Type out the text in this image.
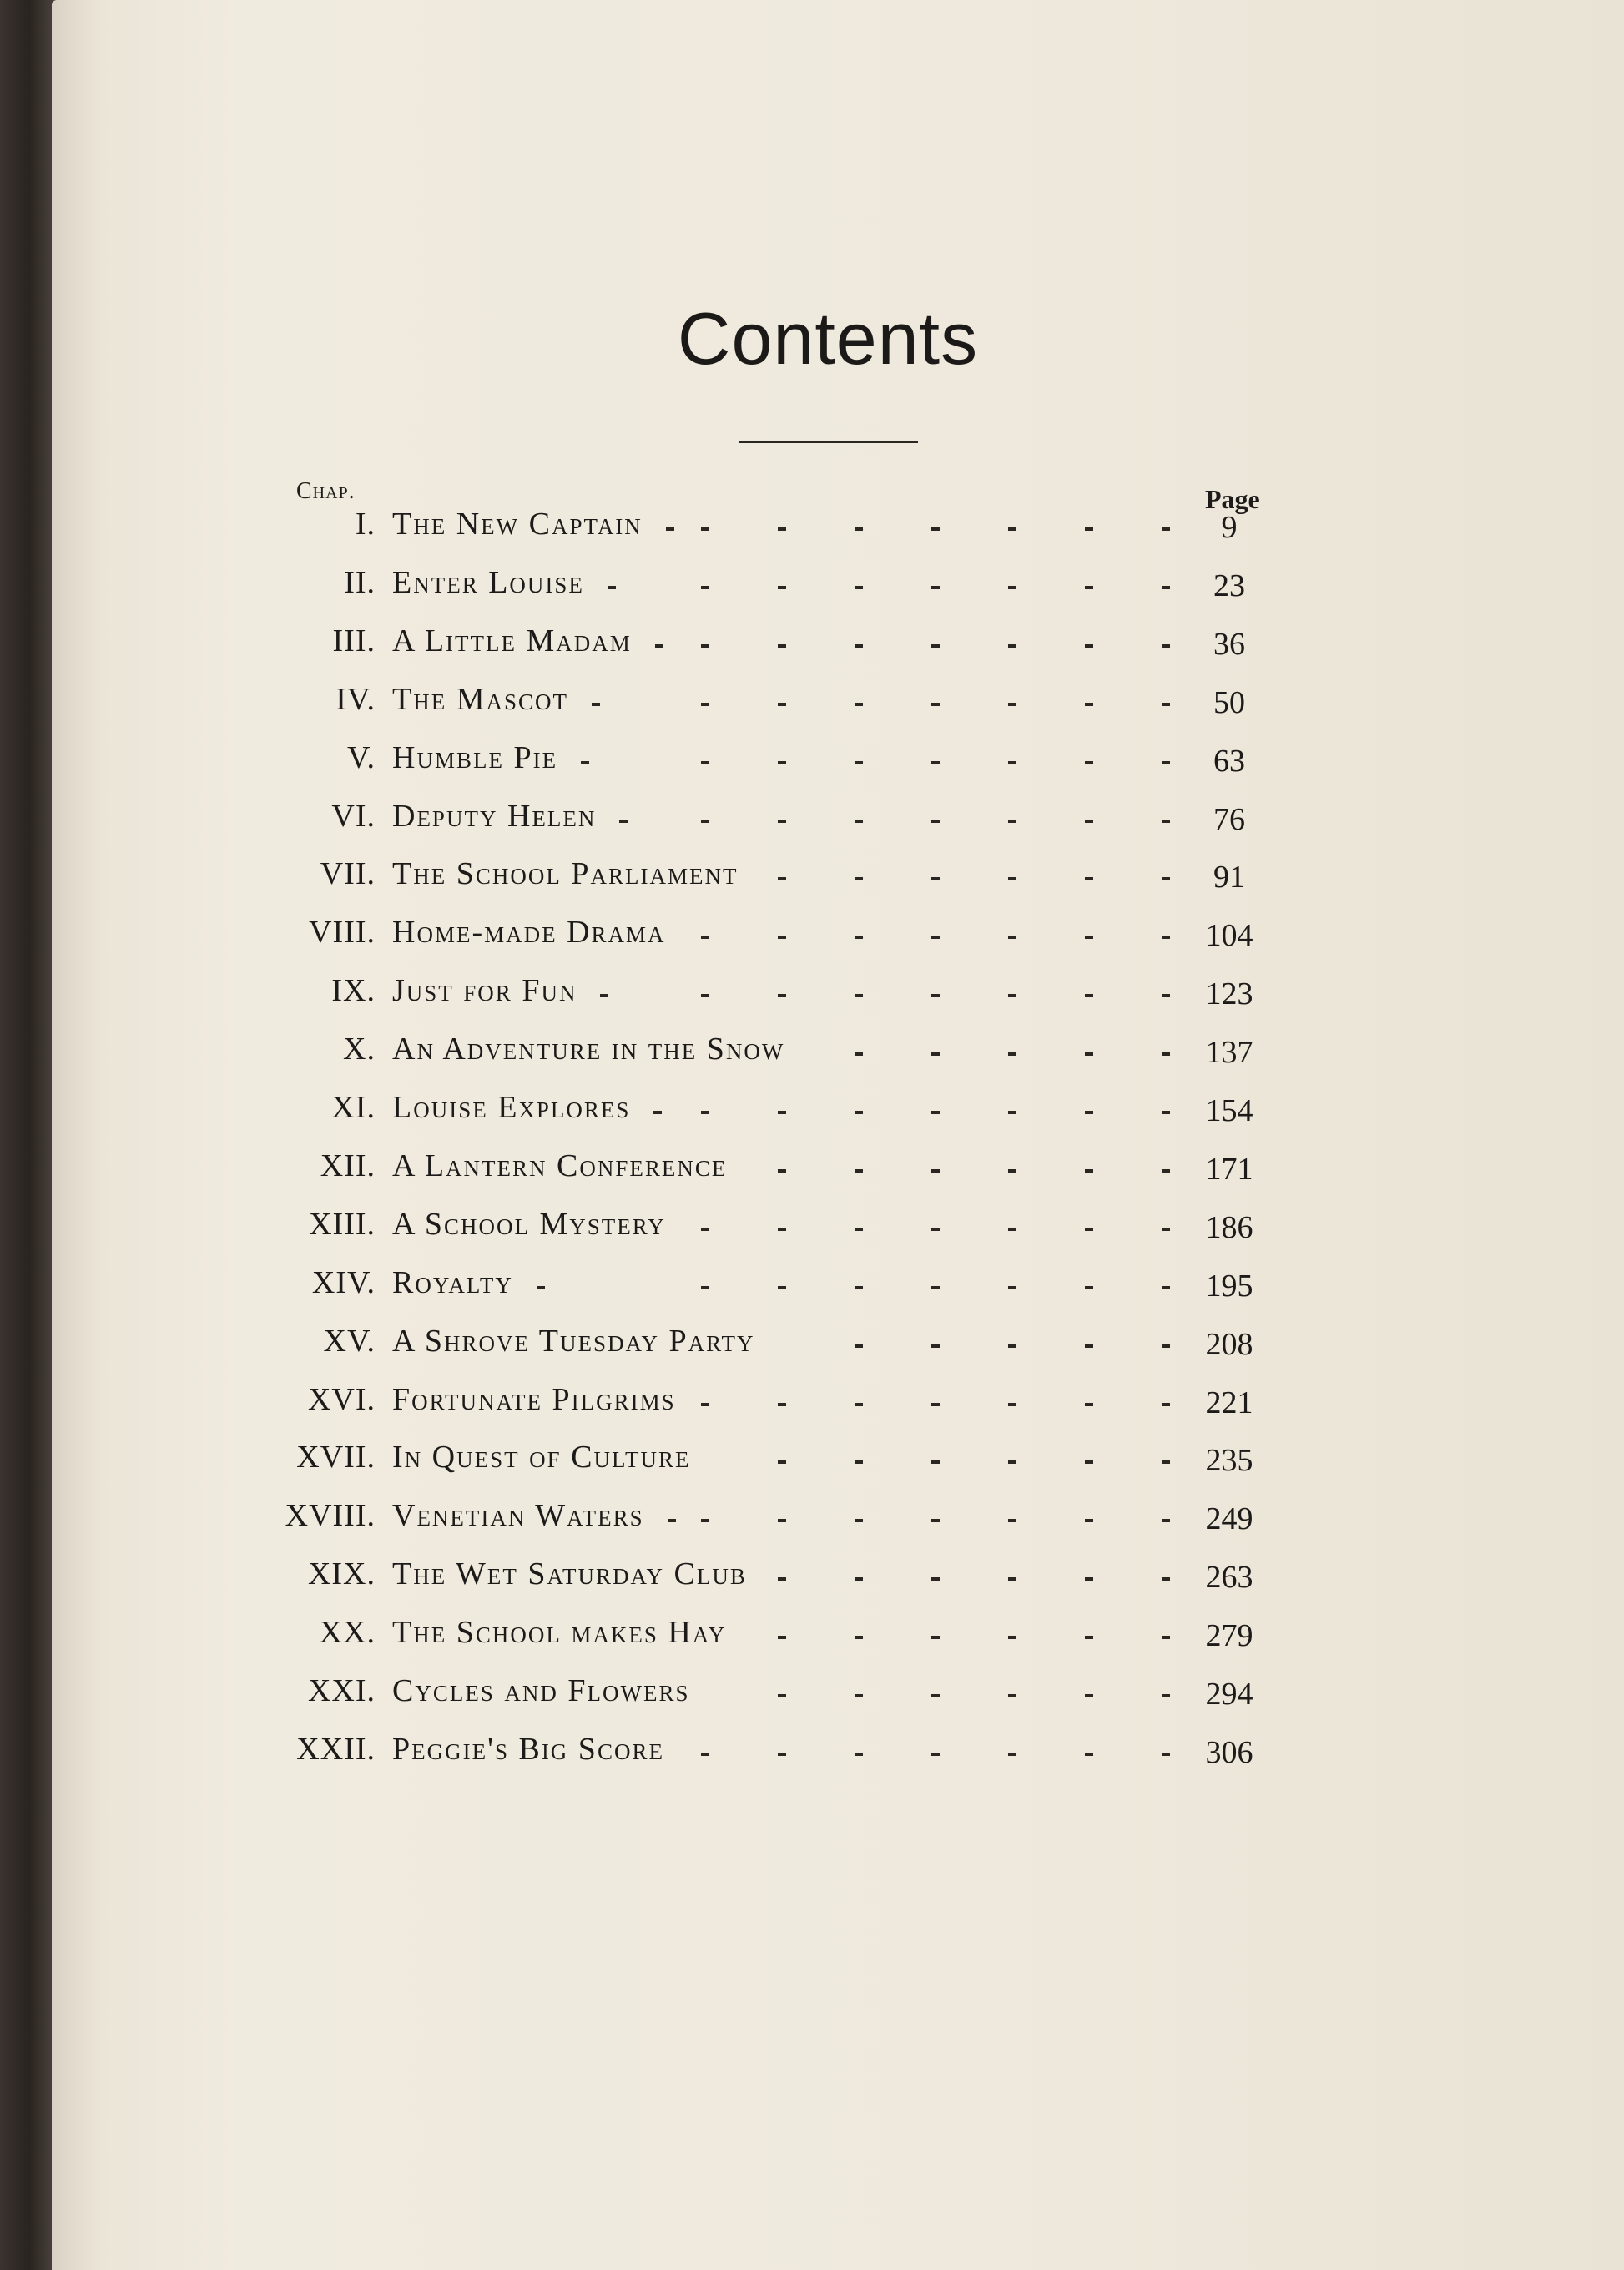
Contents
Chap.	Page
I. The New Captain	9
II. Enter Louise	23
III. A Little Madam	36
IV. The Mascot	50
V. Humble Pie	63
VI. Deputy Helen	76
VII. The School Parliament	91
VIII. Home-made Drama	104
IX. Just for Fun	123
X. An Adventure in the Snow	137
XI. Louise Explores	154
XII. A Lantern Conference	171
XIII. A School Mystery	186
XIV. Royalty	195
XV. A Shrove Tuesday Party	208
XVI. Fortunate Pilgrims	221
XVII. In Quest of Culture	235
XVIII. Venetian Waters	249
XIX. The Wet Saturday Club	263
XX. The School makes Hay	279
XXI. Cycles and Flowers	294
XXII. Peggie's Big Score	306
